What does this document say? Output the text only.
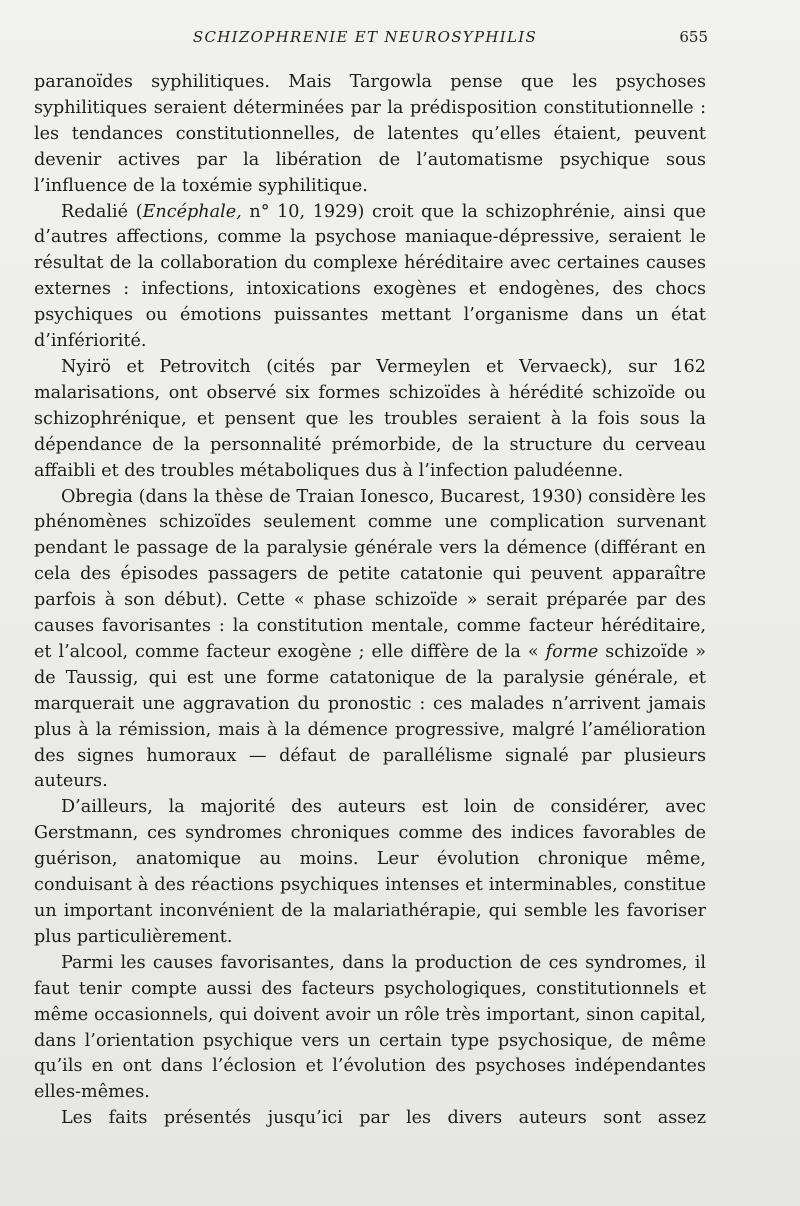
SCHIZOPHRENIE ET NEUROSYPHILIS	655

paranoïdes syphilitiques. Mais Targowla pense que les psychoses syphilitiques seraient déterminées par la prédisposition constitutionnelle : les tendances constitutionnelles, de latentes qu’elles étaient, peuvent devenir actives par la libération de l’automatisme psychique sous l’influence de la toxémie syphilitique.

Redalié (Encéphale, n° 10, 1929) croit que la schizophrénie, ainsi que d’autres affections, comme la psychose maniaque-dépressive, seraient le résultat de la collaboration du complexe héréditaire avec certaines causes externes : infections, intoxications exogènes et endogènes, des chocs psychiques ou émotions puissantes mettant l’organisme dans un état d’infériorité.

Nyirö et Petrovitch (cités par Vermeylen et Vervaeck), sur 162 malarisations, ont observé six formes schizoïdes à hérédité schizoïde ou schizophrénique, et pensent que les troubles seraient à la fois sous la dépendance de la personnalité prémorbide, de la structure du cerveau affaibli et des troubles métaboliques dus à l’infection paludéenne.

Obregia (dans la thèse de Traian Ionesco, Bucarest, 1930) considère les phénomènes schizoïdes seulement comme une complication survenant pendant le passage de la paralysie générale vers la démence (différant en cela des épisodes passagers de petite catatonie qui peuvent apparaître parfois à son début). Cette « phase schizoïde » serait préparée par des causes favorisantes : la constitution mentale, comme facteur héréditaire, et l’alcool, comme facteur exogène ; elle diffère de la « forme schizoïde » de Taussig, qui est une forme catatonique de la paralysie générale, et marquerait une aggravation du pronostic : ces malades n’arrivent jamais plus à la rémission, mais à la démence progressive, malgré l’amélioration des signes humoraux — défaut de parallélisme signalé par plusieurs auteurs.

D’ailleurs, la majorité des auteurs est loin de considérer, avec Gerstmann, ces syndromes chroniques comme des indices favorables de guérison, anatomique au moins. Leur évolution chronique même, conduisant à des réactions psychiques intenses et interminables, constitue un important inconvénient de la malariathérapie, qui semble les favoriser plus particulièrement.

Parmi les causes favorisantes, dans la production de ces syndromes, il faut tenir compte aussi des facteurs psychologiques, constitutionnels et même occasionnels, qui doivent avoir un rôle très important, sinon capital, dans l’orientation psychique vers un certain type psychosique, de même qu’ils en ont dans l’éclosion et l’évolution des psychoses indépendantes elles-mêmes.

Les faits présentés jusqu’ici par les divers auteurs sont assez
